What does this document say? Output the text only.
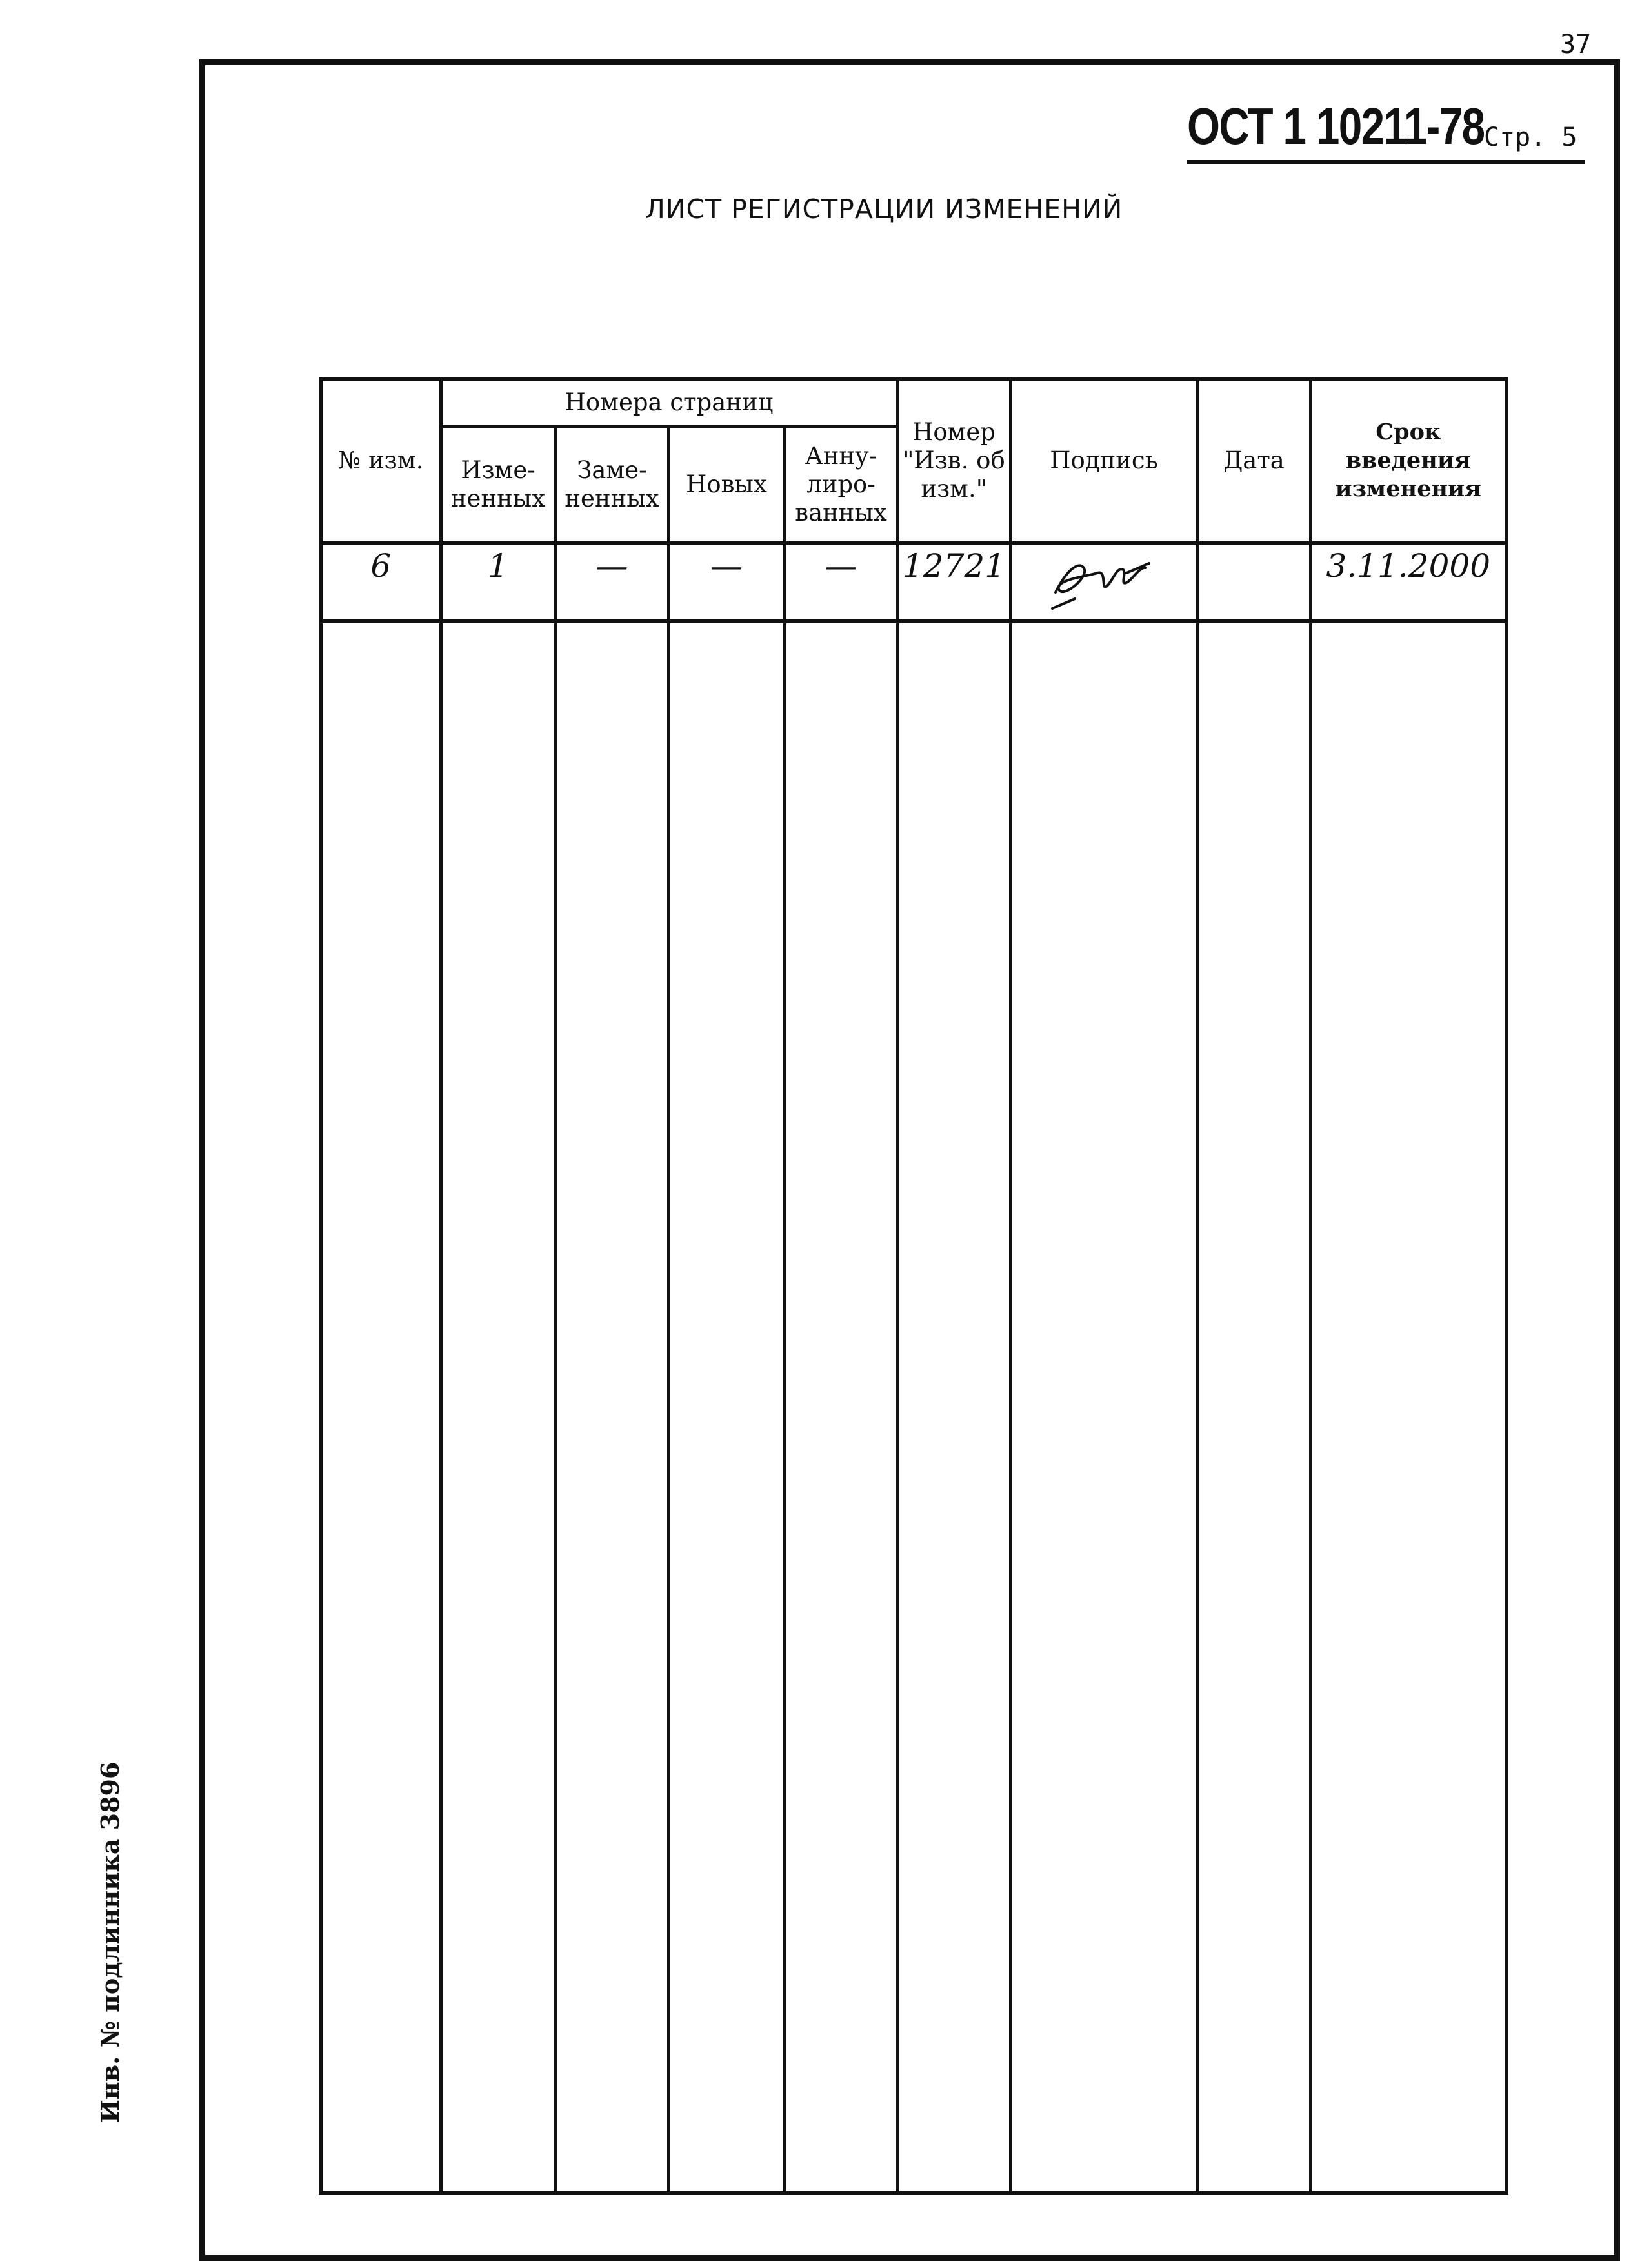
37
ОСТ 1 10211-78 Стр. 5
ЛИСТ РЕГИСТРАЦИИ ИЗМЕНЕНИЙ
№ изм.	Номера страниц				Номер "Изв. об изм."	Подпись	Дата	Срок введения изменения
	Изме- ненных	Заме- ненных	Новых	Анну- лиро- ванных				
6	1	—	—	—	12721			3.11.2000

Инв. № подлинника 3896
